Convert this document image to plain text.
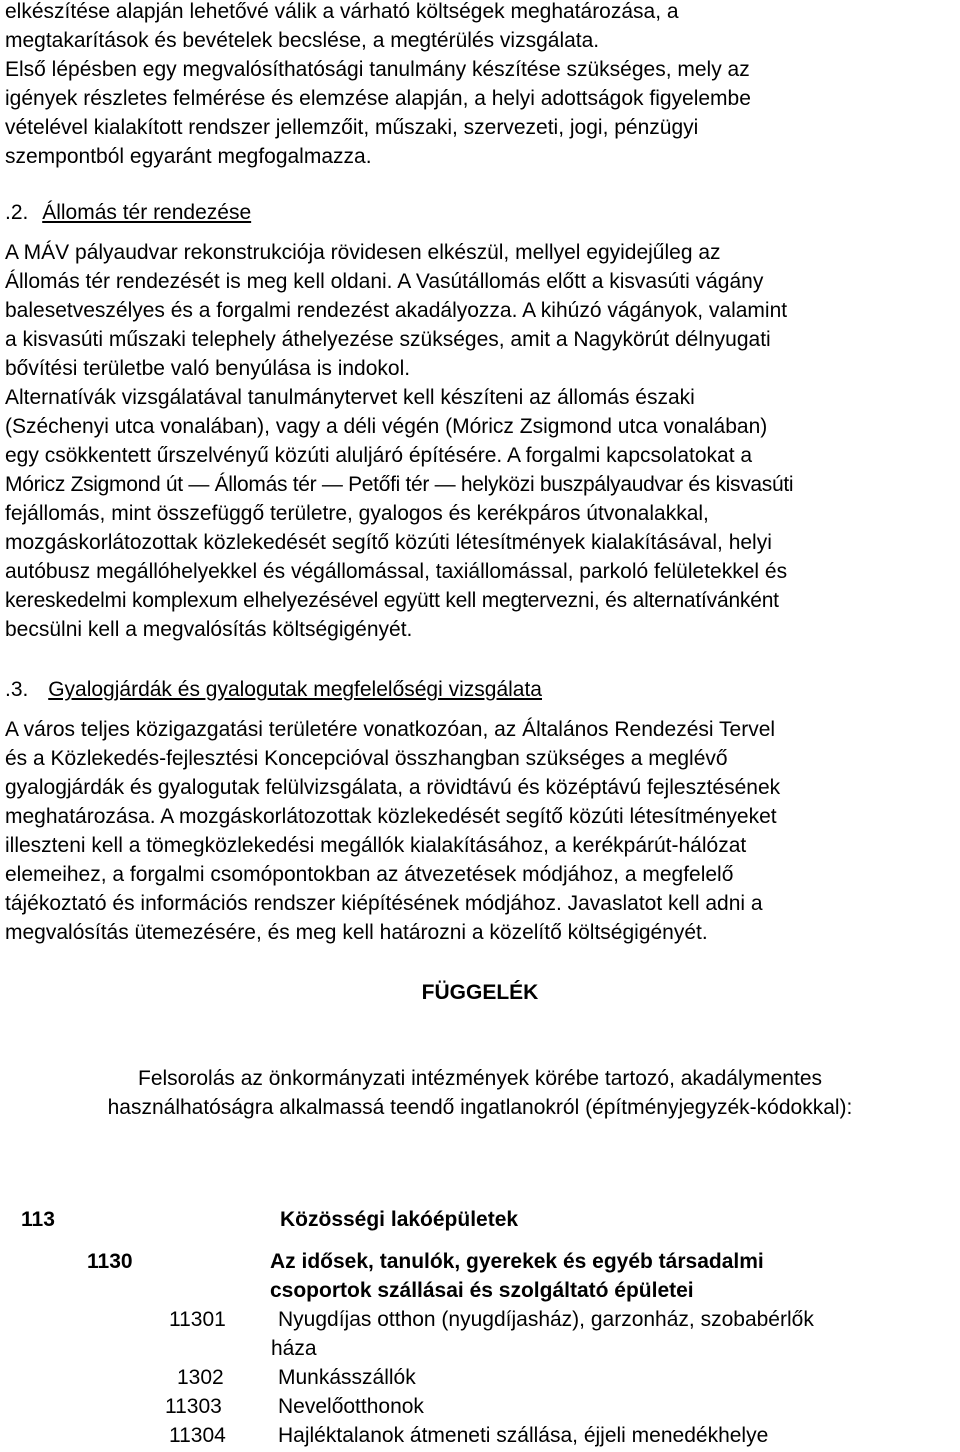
elkészítése alapján lehetővé válik a várható költségek meghatározása, a
megtakarítások és bevételek becslése, a megtérülés vizsgálata.
Első lépésben egy megvalósíthatósági tanulmány készítése szükséges, mely az
igények részletes felmérése és elemzése alapján, a helyi adottságok figyelembe
vételével kialakított rendszer jellemzőit, műszaki, szervezeti, jogi, pénzügyi
szempontból egyaránt megfogalmazza.
.2. Állomás tér rendezése
A MÁV pályaudvar rekonstrukciója rövidesen elkészül, mellyel egyidejűleg az
Állomás tér rendezését is meg kell oldani. A Vasútállomás előtt a kisvasúti vágány
balesetveszélyes és a forgalmi rendezést akadályozza. A kihúzó vágányok, valamint
a kisvasúti műszaki telephely áthelyezése szükséges, amit a Nagykörút délnyugati
bővítési területbe való benyúlása is indokol.
Alternatívák vizsgálatával tanulmánytervet kell készíteni az állomás északi
(Széchenyi utca vonalában), vagy a déli végén (Móricz Zsigmond utca vonalában)
egy csökkentett űrszelvényű közúti aluljáró építésére. A forgalmi kapcsolatokat a
Móricz Zsigmond út — Állomás tér — Petőfi tér — helyközi buszpályaudvar és kisvasúti
fejállomás, mint összefüggő területre, gyalogos és kerékpáros útvonalakkal,
mozgáskorlátozottak közlekedését segítő közúti létesítmények kialakításával, helyi
autóbusz megállóhelyekkel és végállomással, taxiállomással, parkoló felületekkel és
kereskedelmi komplexum elhelyezésével együtt kell megtervezni, és alternatívánként
becsülni kell a megvalósítás költségigényét.
.3. Gyalogjárdák és gyalogutak megfelelőségi vizsgálata
A város teljes közigazgatási területére vonatkozóan, az Általános Rendezési Tervel
és a Közlekedés-fejlesztési Koncepcióval összhangban szükséges a meglévő
gyalogjárdák és gyalogutak felülvizsgálata, a rövidtávú és középtávú fejlesztésének
meghatározása. A mozgáskorlátozottak közlekedését segítő közúti létesítményeket
illeszteni kell a tömegközlekedési megállók kialakításához, a kerékpárút-hálózat
elemeihez, a forgalmi csomópontokban az átvezetések módjához, a megfelelő
tájékoztató és információs rendszer kiépítésének módjához. Javaslatot kell adni a
megvalósítás ütemezésére, és meg kell határozni a közelítő költségigényét.
FÜGGELÉK
Felsorolás az önkormányzati intézmények körébe tartozó, akadálymentes
használhatóságra alkalmassá teendő ingatlanokról (építményjegyzék-kódokkal):
113	Közösségi lakóépületek
1130	Az idősek, tanulók, gyerekek és egyéb társadalmi
csoportok szállásai és szolgáltató épületei
11301 Nyugdíjas otthon (nyugdíjasház), garzonház, szobabérlők
háza
1302	Munkásszállók
11303	Nevelőotthonok
11304 Hajléktalanok átmeneti szállása, éjjeli menedékhelye
